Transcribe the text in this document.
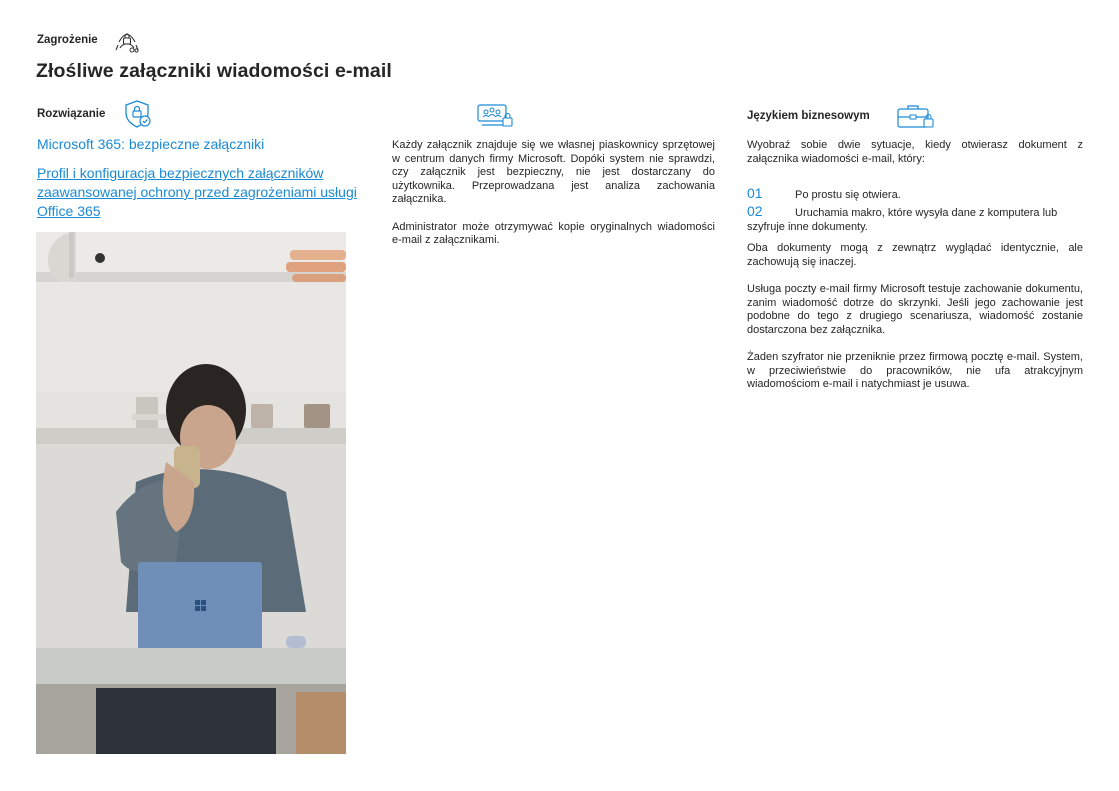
Zagrożenie
Złośliwe załączniki wiadomości e-mail
Rozwiązanie
Microsoft 365: bezpieczne załączniki
Profil i konfiguracja bezpiecznych załączników zaawansowanej ochrony przed zagrożeniami usługi Office 365

Każdy załącznik znajduje się we własnej piaskownicy sprzętowej w centrum danych firmy Microsoft. Dopóki system nie sprawdzi, czy załącznik jest bezpieczny, nie jest dostarczany do użytkownika. Przeprowadzana jest analiza zachowania załącznika.

Administrator może otrzymywać kopie oryginalnych wiadomości e-mail z załącznikami.

Językiem biznesowym
Wyobraź sobie dwie sytuacje, kiedy otwierasz dokument z załącznika wiadomości e-mail, który:
01	Po prostu się otwiera.
02	Uruchamia makro, które wysyła dane z komputera lub szyfruje inne dokumenty.

Oba dokumenty mogą z zewnątrz wyglądać identycznie, ale zachowują się inaczej.

Usługa poczty e-mail firmy Microsoft testuje zachowanie dokumentu, zanim wiadomość dotrze do skrzynki. Jeśli jego zachowanie jest podobne do tego z drugiego scenariusza, wiadomość zostanie dostarczona bez załącznika.

Żaden szyfrator nie przeniknie przez firmową pocztę e-mail. System, w przeciwieństwie do pracowników, nie ufa atrakcyjnym wiadomościom e-mail i natychmiast je usuwa.
